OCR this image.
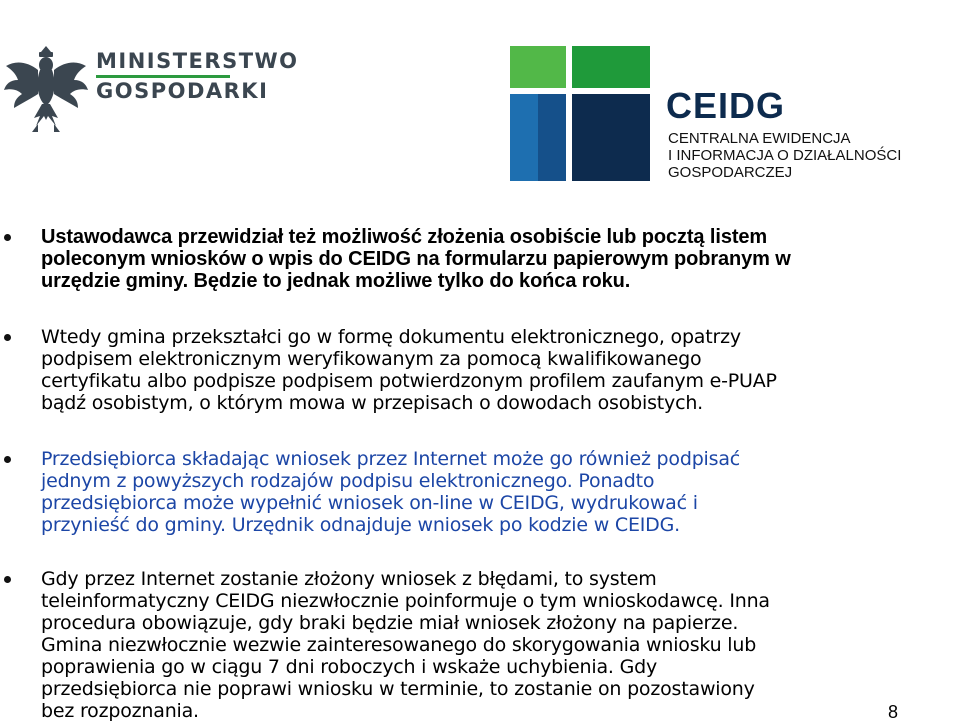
MINISTERSTWO
GOSPODARKI	CEIDG
CENTRALNA EWIDENCJA
I INFORMACJA O DZIAŁALNOŚCI
GOSPODARCZEJ
Ustawodawca przewidział też możliwość złożenia osobiście lub pocztą listem
poleconym wniosków o wpis do CEIDG na formularzu papierowym pobranym w
urzędzie gminy. Będzie to jednak możliwe tylko do końca roku.
Wtedy gmina przekształci go w formę dokumentu elektronicznego, opatrzy
podpisem elektronicznym weryfikowanym za pomocą kwalifikowanego
certyfikatu albo podpisze podpisem potwierdzonym profilem zaufanym e-PUAP
bądź osobistym, o którym mowa w przepisach o dowodach osobistych.
Przedsiębiorca składając wniosek przez Internet może go również podpisać
jednym z powyższych rodzajów podpisu elektronicznego. Ponadto
przedsiębiorca może wypełnić wniosek on-line w CEIDG, wydrukować i
przynieść do gminy. Urzędnik odnajduje wniosek po kodzie w CEIDG.
Gdy przez Internet zostanie złożony wniosek z błędami, to system
teleinformatyczny CEIDG niezwłocznie poinformuje o tym wnioskodawcę. Inna
procedura obowiązuje, gdy braki będzie miał wniosek złożony na papierze.
Gmina niezwłocznie wezwie zainteresowanego do skorygowania wniosku lub
poprawienia go w ciągu 7 dni roboczych i wskaże uchybienia. Gdy
przedsiębiorca nie poprawi wniosku w terminie, to zostanie on pozostawiony
bez rozpoznania.	8
